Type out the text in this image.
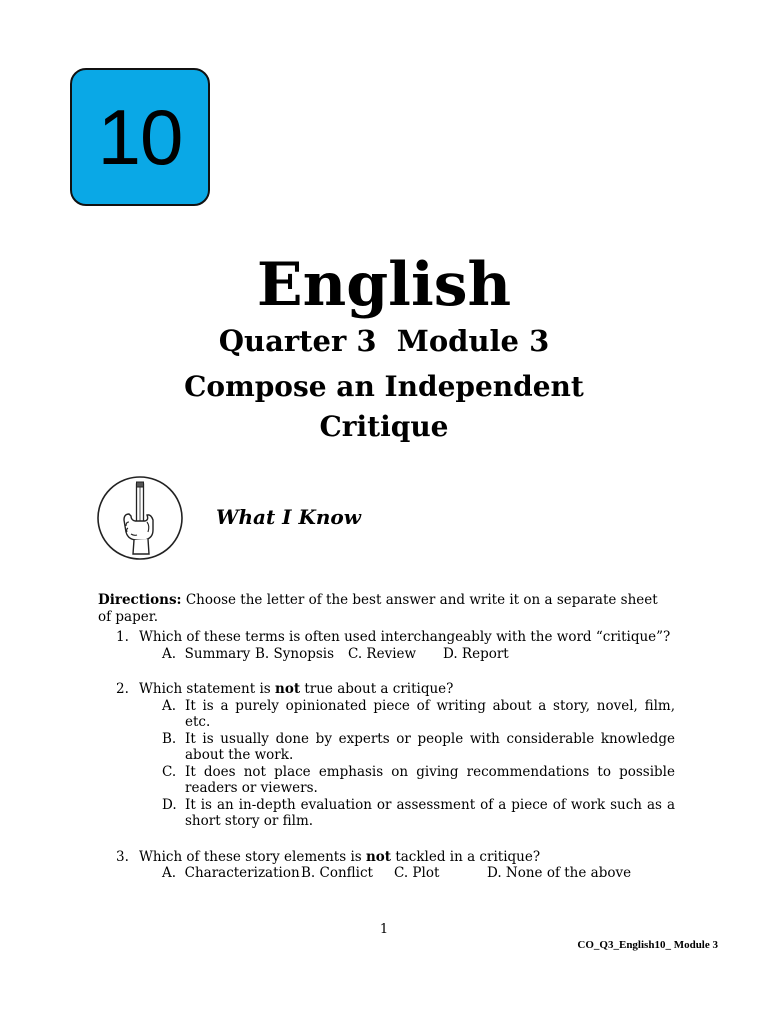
10
English
Quarter 3  Module 3
Compose an Independent
Critique
What I Know

Directions: Choose the letter of the best answer and write it on a separate sheet of paper.

1. Which of these terms is often used interchangeably with the word “critique”?
A.  Summary B. Synopsis	C. Review	D. Report
2. Which statement is not true about a critique?
A. It is a purely opinionated piece of writing about a story, novel, film, etc.
B. It is usually done by experts or people with considerable knowledge about the work.
C. It does not place emphasis on giving recommendations to possible readers or viewers.
D. It is an in-depth evaluation or assessment of a piece of work such as a short story or film.
3. Which of these story elements is not tackled in a critique?
A.  Characterization B. Conflict	C. Plot	D. None of the above
1
CO_Q3_English10_ Module 3
